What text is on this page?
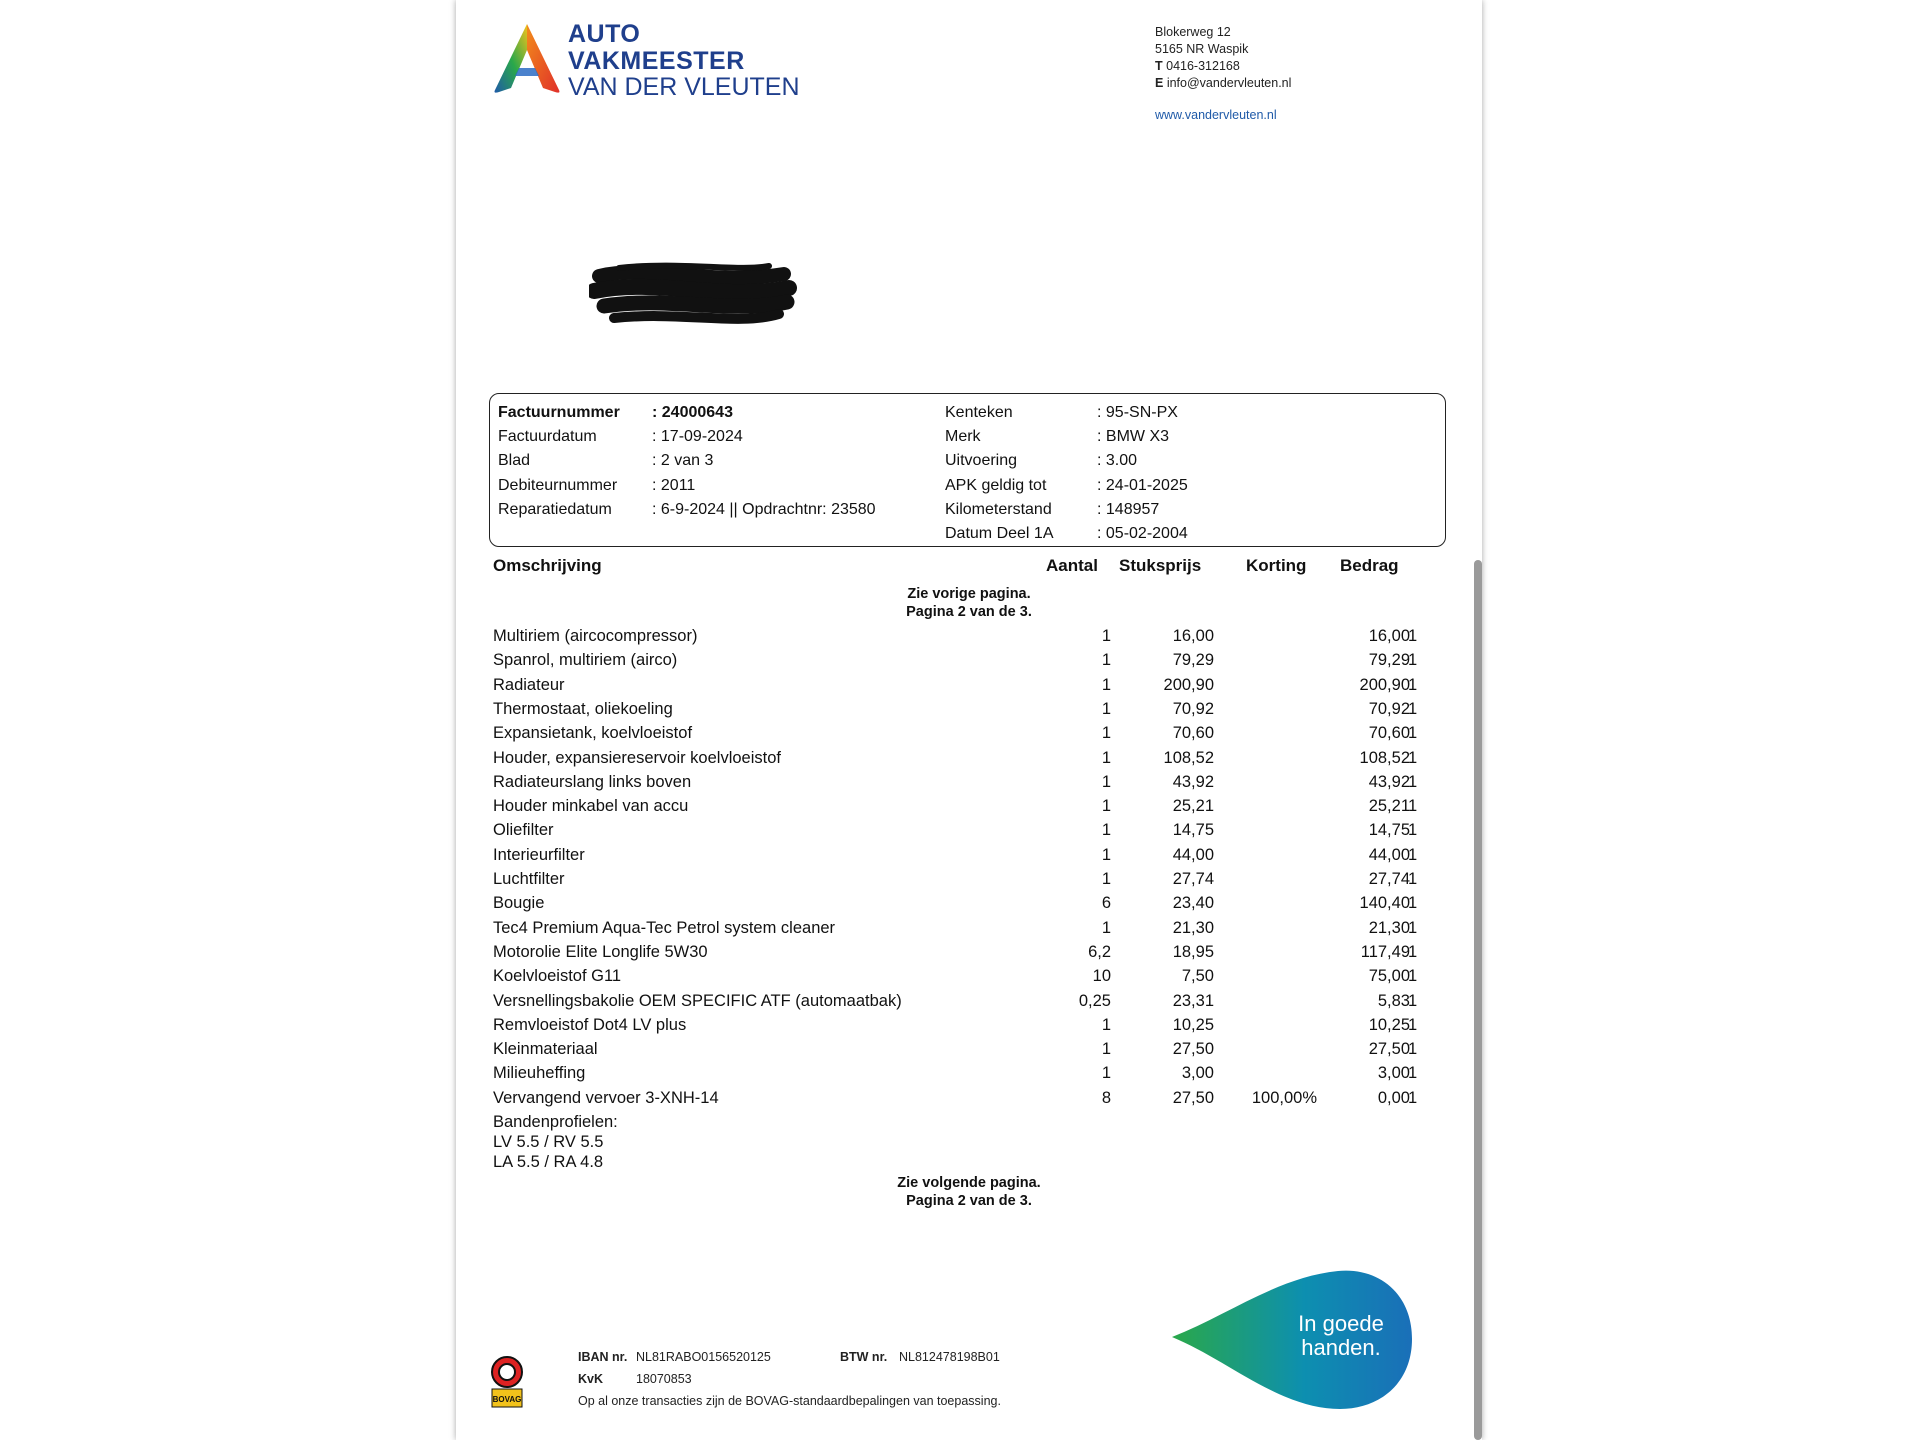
AUTO
VAKMEESTER
VAN DER VLEUTEN
Blokerweg 12
5165 NR Waspik
T 0416-312168
E info@vandervleuten.nl
www.vandervleuten.nl
Factuurnummer : 24000643
Factuurdatum	: 17-09-2024
Blad	: 2 van 3
Debiteurnummer : 2011
Reparatiedatum	: 6-9-2024 || Opdrachtnr: 23580
Kenteken	: 95-SN-PX
Merk	: BMW X3
Uitvoering	: 3.00
APK geldig tot	: 24-01-2025
Kilometerstand	: 148957
Datum Deel 1A	: 05-02-2004
Omschrijving	Aantal Stuksprijs	Korting Bedrag
Zie vorige pagina.
Pagina 2 van de 3.
Multiriem (aircocompressor)	1	16,00	16,00
1
Spanrol, multiriem (airco)	1	79,29	79,29
1
Radiateur	1	200,90	200,90
1
Thermostaat, oliekoeling	1	70,92	70,92
1
Expansietank, koelvloeistof	1	70,60	70,60
1
Houder, expansiereservoir koelvloeistof	1	108,52	108,52
1
Radiateurslang links boven	1	43,92	43,92
1
Houder minkabel van accu	1	25,21	25,21
1
Oliefilter	1	14,75	14,75
1
Interieurfilter	1	44,00	44,00
1
Luchtfilter	1	27,74	27,74
1
Bougie	6	23,40	140,40
1
Tec4 Premium Aqua-Tec Petrol system cleaner	1	21,30	21,30
1
Motorolie Elite Longlife 5W30	6,2	18,95	117,49
1
Koelvloeistof G11	10	7,50	75,00
1
Versnellingsbakolie OEM SPECIFIC ATF (automaatbak)	0,25	23,31	5,83
1
Remvloeistof Dot4 LV plus	1	10,25	10,25
1
Kleinmateriaal	1	27,50	27,50
1
Milieuheffing	1	3,00	3,00
1
Vervangend vervoer 3-XNH-14	8	27,50 100,00%	0,00
1
Bandenprofielen:
LV 5.5 / RV 5.5
LA 5.5 / RA 4.8
Zie volgende pagina.
Pagina 2 van de 3.
In goede
handen.
BOVAG
IBAN nr. NL81RABO0156520125	BTW nr. NL812478198B01
KvK	18070853
Op al onze transacties zijn de BOVAG-standaardbepalingen van toepassing.
